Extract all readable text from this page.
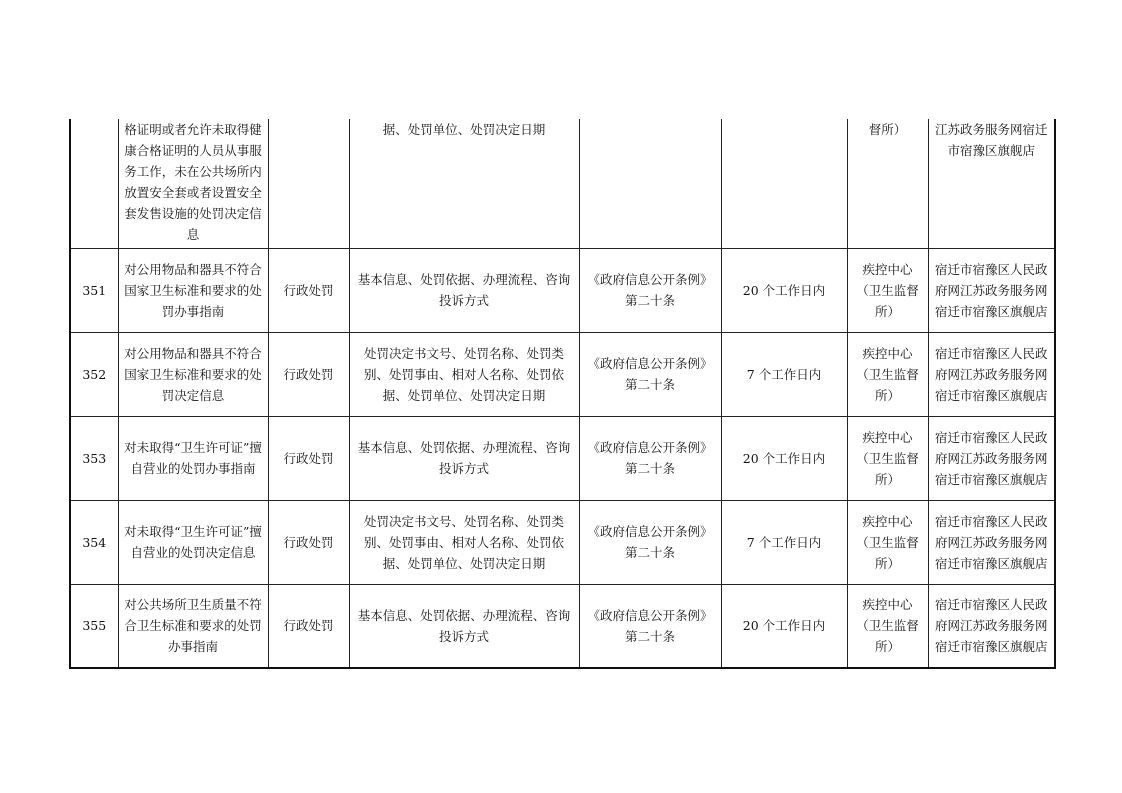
	格证明或者允许未取得健康合格证明的人员从事服务工作，未在公共场所内放置安全套或者设置安全套发售设施的处罚决定信息		据、处罚单位、处罚决定日期			督所）	江苏政务服务网宿迁市宿豫区旗舰店

351	对公用物品和器具不符合国家卫生标准和要求的处罚办事指南	行政处罚	基本信息、处罚依据、办理流程、咨询投诉方式	《政府信息公开条例》第二十条	20 个工作日内	疾控中心（卫生监督所）	宿迁市宿豫区人民政府网江苏政务服务网宿迁市宿豫区旗舰店
352	对公用物品和器具不符合国家卫生标准和要求的处罚决定信息	行政处罚	处罚决定书文号、处罚名称、处罚类别、处罚事由、相对人名称、处罚依据、处罚单位、处罚决定日期	《政府信息公开条例》第二十条	7 个工作日内	疾控中心（卫生监督所）	宿迁市宿豫区人民政府网江苏政务服务网宿迁市宿豫区旗舰店
353	对未取得“卫生许可证”擅自营业的处罚办事指南	行政处罚	基本信息、处罚依据、办理流程、咨询投诉方式	《政府信息公开条例》第二十条	20 个工作日内	疾控中心（卫生监督所）	宿迁市宿豫区人民政府网江苏政务服务网宿迁市宿豫区旗舰店
354	对未取得“卫生许可证”擅自营业的处罚决定信息	行政处罚	处罚决定书文号、处罚名称、处罚类别、处罚事由、相对人名称、处罚依据、处罚单位、处罚决定日期	《政府信息公开条例》第二十条	7 个工作日内	疾控中心（卫生监督所）	宿迁市宿豫区人民政府网江苏政务服务网宿迁市宿豫区旗舰店
355	对公共场所卫生质量不符合卫生标准和要求的处罚办事指南	行政处罚	基本信息、处罚依据、办理流程、咨询投诉方式	《政府信息公开条例》第二十条	20 个工作日内	疾控中心（卫生监督所）	宿迁市宿豫区人民政府网江苏政务服务网宿迁市宿豫区旗舰店
